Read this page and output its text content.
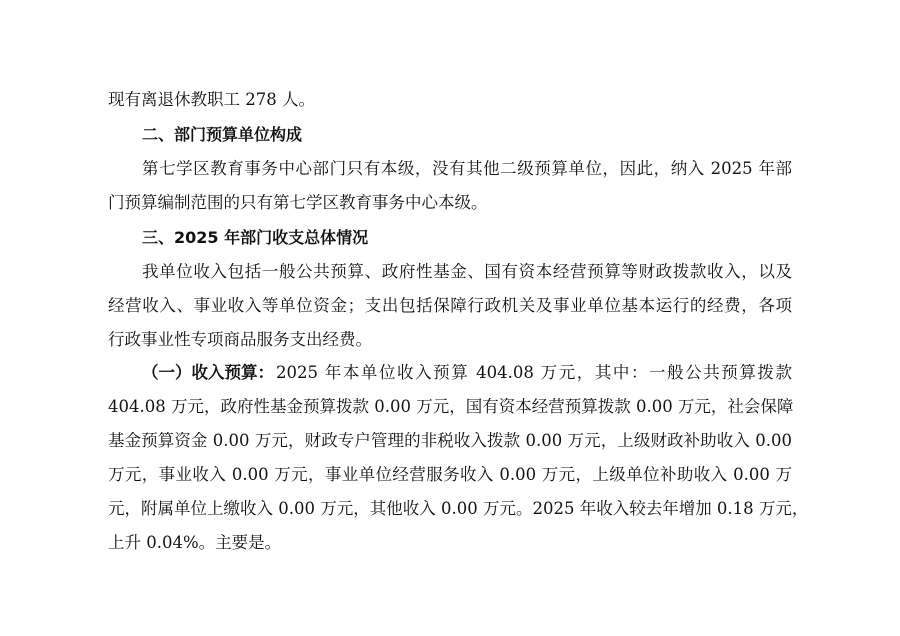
现有离退休教职工 278 人。
二、部门预算单位构成
第七学区教育事务中心部门只有本级，没有其他二级预算单位，因此，纳入 2025 年部
门预算编制范围的只有第七学区教育事务中心本级。
三、2025 年部门收支总体情况
我单位收入包括一般公共预算、政府性基金、国有资本经营预算等财政拨款收入，以及
经营收入、事业收入等单位资金；支出包括保障行政机关及事业单位基本运行的经费，各项
行政事业性专项商品服务支出经费。
（一）收入预算： 2025 年本单位收入预算 404.08 万元，其中：一般公共预算拨款
404.08 万元，政府性基金预算拨款 0.00 万元，国有资本经营预算拨款 0.00 万元，社会保障
基金预算资金 0.00 万元，财政专户管理的非税收入拨款 0.00 万元，上级财政补助收入 0.00
万元，事业收入 0.00 万元，事业单位经营服务收入 0.00 万元，上级单位补助收入 0.00 万
元，附属单位上缴收入 0.00 万元，其他收入 0.00 万元。2025 年收入较去年增加 0.18 万元，
上升 0.04%。主要是。
